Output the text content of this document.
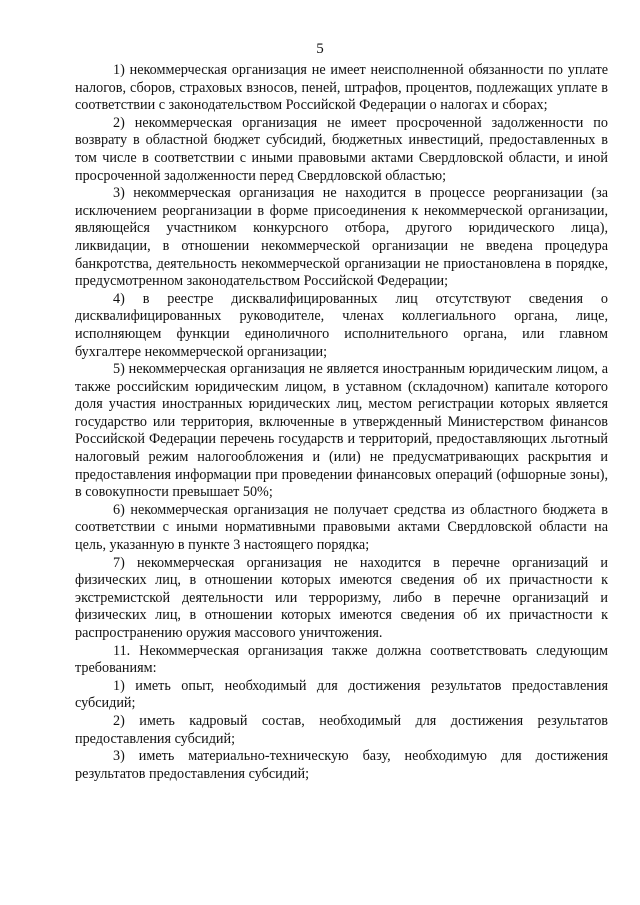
5

1) некоммерческая организация не имеет неисполненной обязанности по уплате налогов, сборов, страховых взносов, пеней, штрафов, процентов, подлежащих уплате в соответствии с законодательством Российской Федерации о налогах и сборах;

2) некоммерческая организация не имеет просроченной задолженности по возврату в областной бюджет субсидий, бюджетных инвестиций, предоставленных в том числе в соответствии с иными правовыми актами Свердловской области, и иной просроченной задолженности перед Свердловской областью;

3) некоммерческая организация не находится в процессе реорганизации (за исключением реорганизации в форме присоединения к некоммерческой организации, являющейся участником конкурсного отбора, другого юридического лица), ликвидации, в отношении некоммерческой организации не введена процедура банкротства, деятельность некоммерческой организации не приостановлена в порядке, предусмотренном законодательством Российской Федерации;

4) в реестре дисквалифицированных лиц отсутствуют сведения о дисквалифицированных руководителе, членах коллегиального органа, лице, исполняющем функции единоличного исполнительного органа, или главном бухгалтере некоммерческой организации;

5) некоммерческая организация не является иностранным юридическим лицом, а также российским юридическим лицом, в уставном (складочном) капитале которого доля участия иностранных юридических лиц, местом регистрации которых является государство или территория, включенные в утвержденный Министерством финансов Российской Федерации перечень государств и территорий, предоставляющих льготный налоговый режим налогообложения и (или) не предусматривающих раскрытия и предоставления информации при проведении финансовых операций (офшорные зоны), в совокупности превышает 50%;

6) некоммерческая организация не получает средства из областного бюджета в соответствии с иными нормативными правовыми актами Свердловской области на цель, указанную в пункте 3 настоящего порядка;

7) некоммерческая организация не находится в перечне организаций и физических лиц, в отношении которых имеются сведения об их причастности к экстремистской деятельности или терроризму, либо в перечне организаций и физических лиц, в отношении которых имеются сведения об их причастности к распространению оружия массового уничтожения.

11. Некоммерческая организация также должна соответствовать следующим требованиям:

1) иметь опыт, необходимый для достижения результатов предоставления субсидий;

2) иметь кадровый состав, необходимый для достижения результатов предоставления субсидий;

3) иметь материально-техническую базу, необходимую для достижения результатов предоставления субсидий;
